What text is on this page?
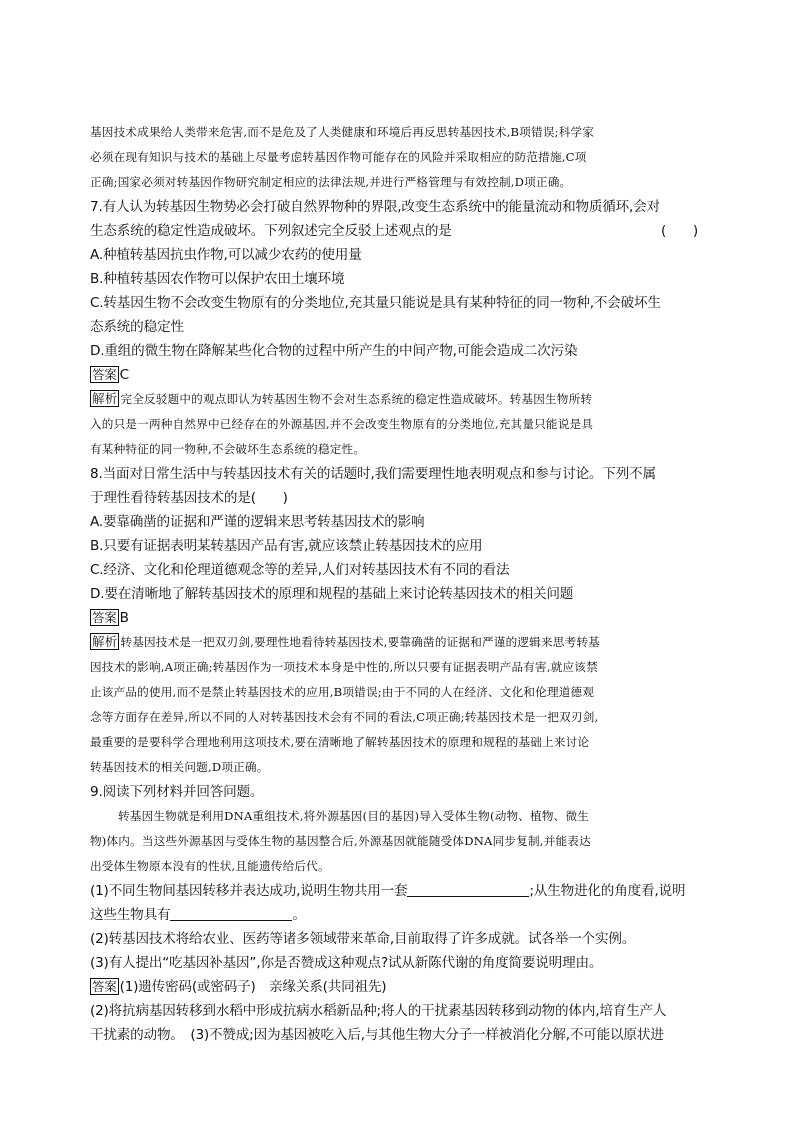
基因技术成果给人类带来危害,而不是危及了人类健康和环境后再反思转基因技术,B项错误;科学家
必须在现有知识与技术的基础上尽量考虑转基因作物可能存在的风险并采取相应的防范措施,C项
正确;国家必须对转基因作物研究制定相应的法律法规,并进行严格管理与有效控制,D项正确。
7.有人认为转基因生物势必会打破自然界物种的界限,改变生态系统中的能量流动和物质循环,会对
生态系统的稳定性造成破坏。下列叙述完全反驳上述观点的是	(　　)
A.种植转基因抗虫作物,可以减少农药的使用量
B.种植转基因农作物可以保护农田土壤环境
C.转基因生物不会改变生物原有的分类地位,充其量只能说是具有某种特征的同一物种,不会破坏生
态系统的稳定性
D.重组的微生物在降解某些化合物的过程中所产生的中间产物,可能会造成二次污染
答案 C
解析 完全反驳题中的观点即认为转基因生物不会对生态系统的稳定性造成破坏。转基因生物所转
入的只是一两种自然界中已经存在的外源基因,并不会改变生物原有的分类地位,充其量只能说是具
有某种特征的同一物种,不会破坏生态系统的稳定性。
8.当面对日常生活中与转基因技术有关的话题时,我们需要理性地表明观点和参与讨论。下列不属
于理性看待转基因技术的是(　　)
A.要靠确凿的证据和严谨的逻辑来思考转基因技术的影响
B.只要有证据表明某转基因产品有害,就应该禁止转基因技术的应用
C.经济、文化和伦理道德观念等的差异,人们对转基因技术有不同的看法
D.要在清晰地了解转基因技术的原理和规程的基础上来讨论转基因技术的相关问题
答案 B
解析 转基因技术是一把双刃剑,要理性地看待转基因技术,要靠确凿的证据和严谨的逻辑来思考转基
因技术的影响,A项正确;转基因作为一项技术本身是中性的,所以只要有证据表明产品有害,就应该禁
止该产品的使用,而不是禁止转基因技术的应用,B项错误;由于不同的人在经济、文化和伦理道德观
念等方面存在差异,所以不同的人对转基因技术会有不同的看法,C项正确;转基因技术是一把双刃剑,
最重要的是要科学合理地利用这项技术,要在清晰地了解转基因技术的原理和规程的基础上来讨论
转基因技术的相关问题,D项正确。
9.阅读下列材料并回答问题。
转基因生物就是利用DNA重组技术,将外源基因(目的基因)导入受体生物(动物、植物、微生
物)体内。当这些外源基因与受体生物的基因整合后,外源基因就能随受体DNA同步复制,并能表达
出受体生物原本没有的性状,且能遗传给后代。
(1)不同生物间基因转移并表达成功,说明生物共用一套	;从生物进化的角度看,说明
这些生物具有	。
(2)转基因技术将给农业、医药等诸多领域带来革命,目前取得了许多成就。试各举一个实例。
(3)有人提出“吃基因补基因”,你是否赞成这种观点?试从新陈代谢的角度简要说明理由。
答案 (1)遗传密码(或密码子)　亲缘关系(共同祖先)
(2)将抗病基因转移到水稻中形成抗病水稻新品种;将人的干扰素基因转移到动物的体内,培育生产人
干扰素的动物。　(3)不赞成;因为基因被吃入后,与其他生物大分子一样被消化分解,不可能以原状进
